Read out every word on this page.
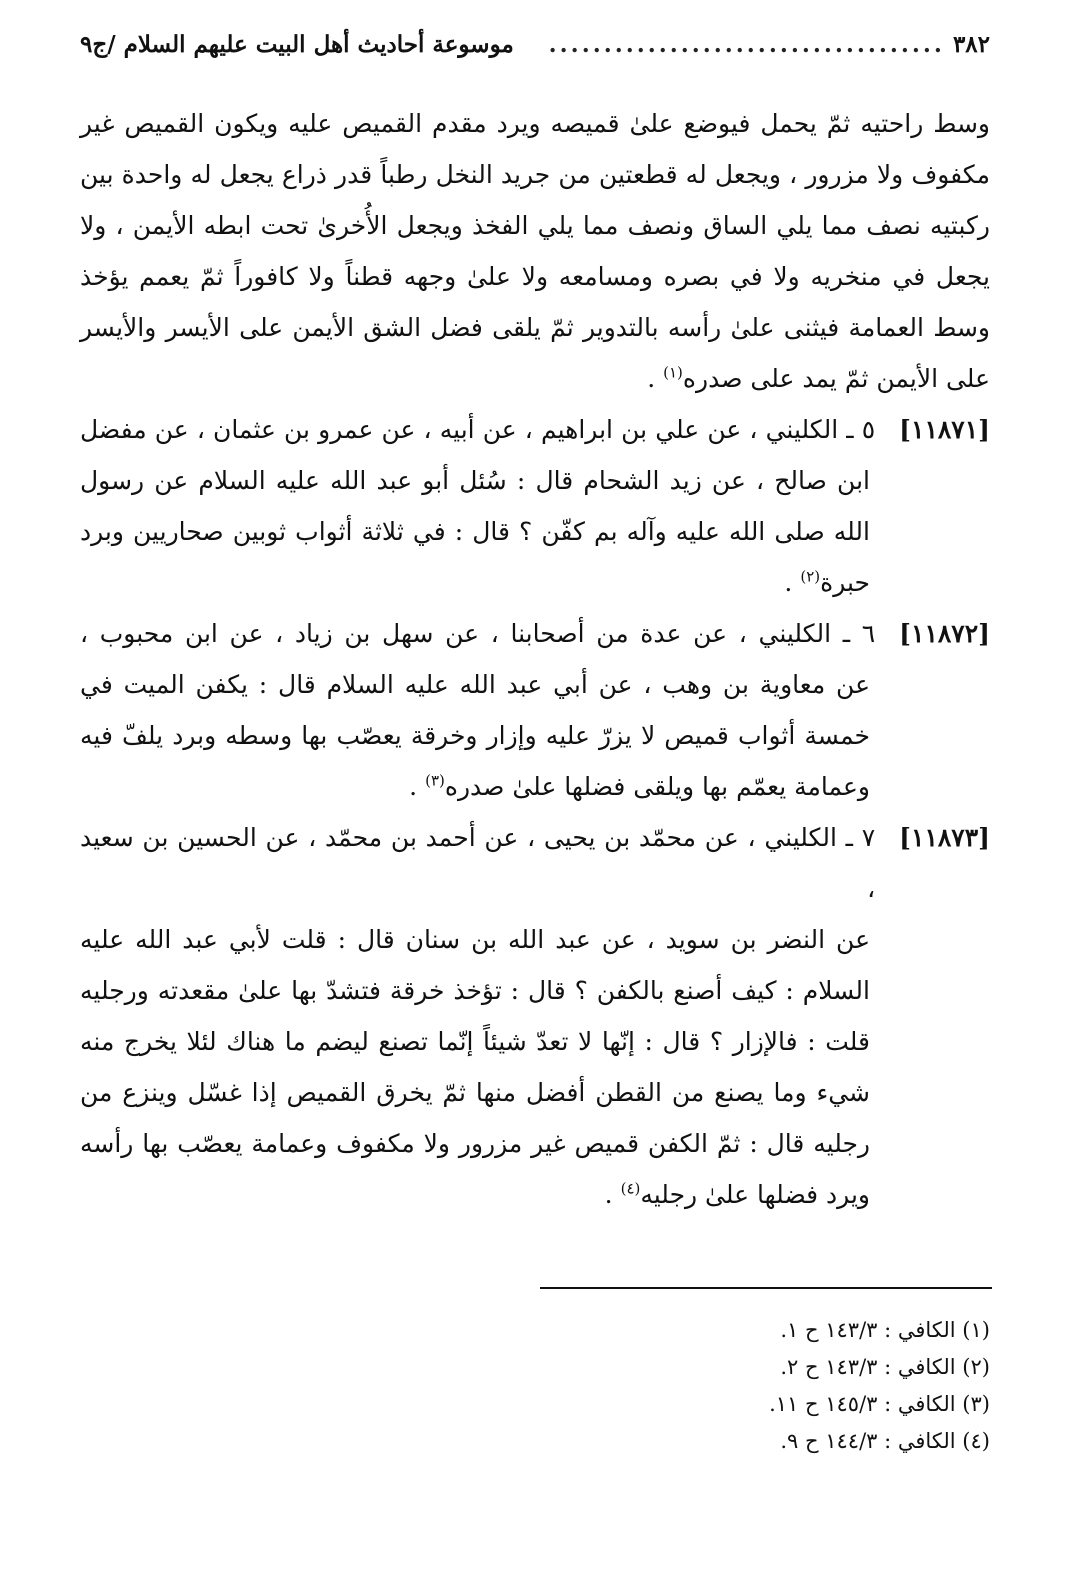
٣٨٢
....................................
موسوعة أحاديث أهل البيت عليهم السلام /ج٩

وسط راحتيه ثمّ يحمل فيوضع علىٰ قميصه ويرد مقدم القميص عليه ويكون القميص غير مكفوف ولا مزرور ، ويجعل له قطعتين من جريد النخل رطباً قدر ذراع يجعل له واحدة بين ركبتيه نصف مما يلي الساق ونصف مما يلي الفخذ ويجعل الأُخرىٰ تحت ابطه الأيمن ، ولا يجعل في منخريه ولا في بصره ومسامعه ولا علىٰ وجهه قطناً ولا كافوراً ثمّ يعمم يؤخذ وسط العمامة فيثنى علىٰ رأسه بالتدوير ثمّ يلقى فضل الشق الأيمن على الأيسر والأيسر على الأيمن ثمّ يمد على صدره$^{(١)}$ .

[١١٨٧١]
٥ ـ الكليني ، عن علي بن ابراهيم ، عن أبيه ، عن عمرو بن عثمان ، عن مفضل
ابن صالح ، عن زيد الشحام قال : سُئل أبو عبد الله عليه السلام عن رسول الله صلى الله عليه وآله بم كفّن ؟ قال : في ثلاثة أثواب ثوبين صحاريين وبرد حبرة$^{(٢)}$ .
[١١٨٧٢]
٦ ـ الكليني ، عن عدة من أصحابنا ، عن سهل بن زياد ، عن ابن محبوب ،
عن معاوية بن وهب ، عن أبي عبد الله عليه السلام قال : يكفن الميت في خمسة أثواب قميص لا يزرّ عليه وإزار وخرقة يعصّب بها وسطه وبرد يلفّ فيه وعمامة يعمّم بها ويلقى فضلها علىٰ صدره$^{(٣)}$ .
[١١٨٧٣]
٧ ـ الكليني ، عن محمّد بن يحيى ، عن أحمد بن محمّد ، عن الحسين بن سعيد ،
عن النضر بن سويد ، عن عبد الله بن سنان قال : قلت لأبي عبد الله عليه السلام : كيف أصنع بالكفن ؟ قال : تؤخذ خرقة فتشدّ بها علىٰ مقعدته ورجليه قلت : فالإزار ؟ قال : إنّها لا تعدّ شيئاً إنّما تصنع ليضم ما هناك لئلا يخرج منه شيء وما يصنع من القطن أفضل منها ثمّ يخرق القميص إذا غسّل وينزع من رجليه قال : ثمّ الكفن قميص غير مزرور ولا مكفوف وعمامة يعصّب بها رأسه ويرد فضلها علىٰ رجليه$^{(٤)}$ .

(١) الكافي : ١٤٣/٣ ح ١.

(٢) الكافي : ١٤٣/٣ ح ٢.

(٣) الكافي : ١٤٥/٣ ح ١١.

(٤) الكافي : ١٤٤/٣ ح ٩.
